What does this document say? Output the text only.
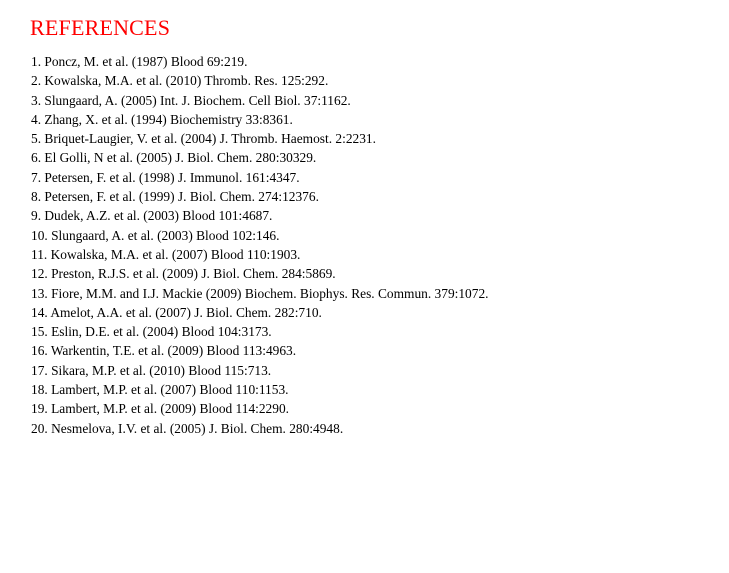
REFERENCES
1. Poncz, M. et al. (1987) Blood 69:219.
2. Kowalska, M.A. et al. (2010) Thromb. Res. 125:292.
3. Slungaard, A. (2005) Int. J. Biochem. Cell Biol. 37:1162.
4. Zhang, X. et al. (1994) Biochemistry 33:8361.
5. Briquet-Laugier, V. et al. (2004) J. Thromb. Haemost. 2:2231.
6. El Golli, N et al. (2005) J. Biol. Chem. 280:30329.
7. Petersen, F. et al. (1998) J. Immunol. 161:4347.
8. Petersen, F. et al. (1999) J. Biol. Chem. 274:12376.
9. Dudek, A.Z. et al. (2003) Blood 101:4687.
10. Slungaard, A. et al. (2003) Blood 102:146.
11. Kowalska, M.A. et al. (2007) Blood 110:1903.
12. Preston, R.J.S. et al. (2009) J. Biol. Chem. 284:5869.
13. Fiore, M.M. and I.J. Mackie (2009) Biochem. Biophys. Res. Commun. 379:1072.
14. Amelot, A.A. et al. (2007) J. Biol. Chem. 282:710.
15. Eslin, D.E. et al. (2004) Blood 104:3173.
16. Warkentin, T.E. et al. (2009) Blood 113:4963.
17. Sikara, M.P. et al. (2010) Blood 115:713.
18. Lambert, M.P. et al. (2007) Blood 110:1153.
19. Lambert, M.P. et al. (2009) Blood 114:2290.
20. Nesmelova, I.V. et al. (2005) J. Biol. Chem. 280:4948.
